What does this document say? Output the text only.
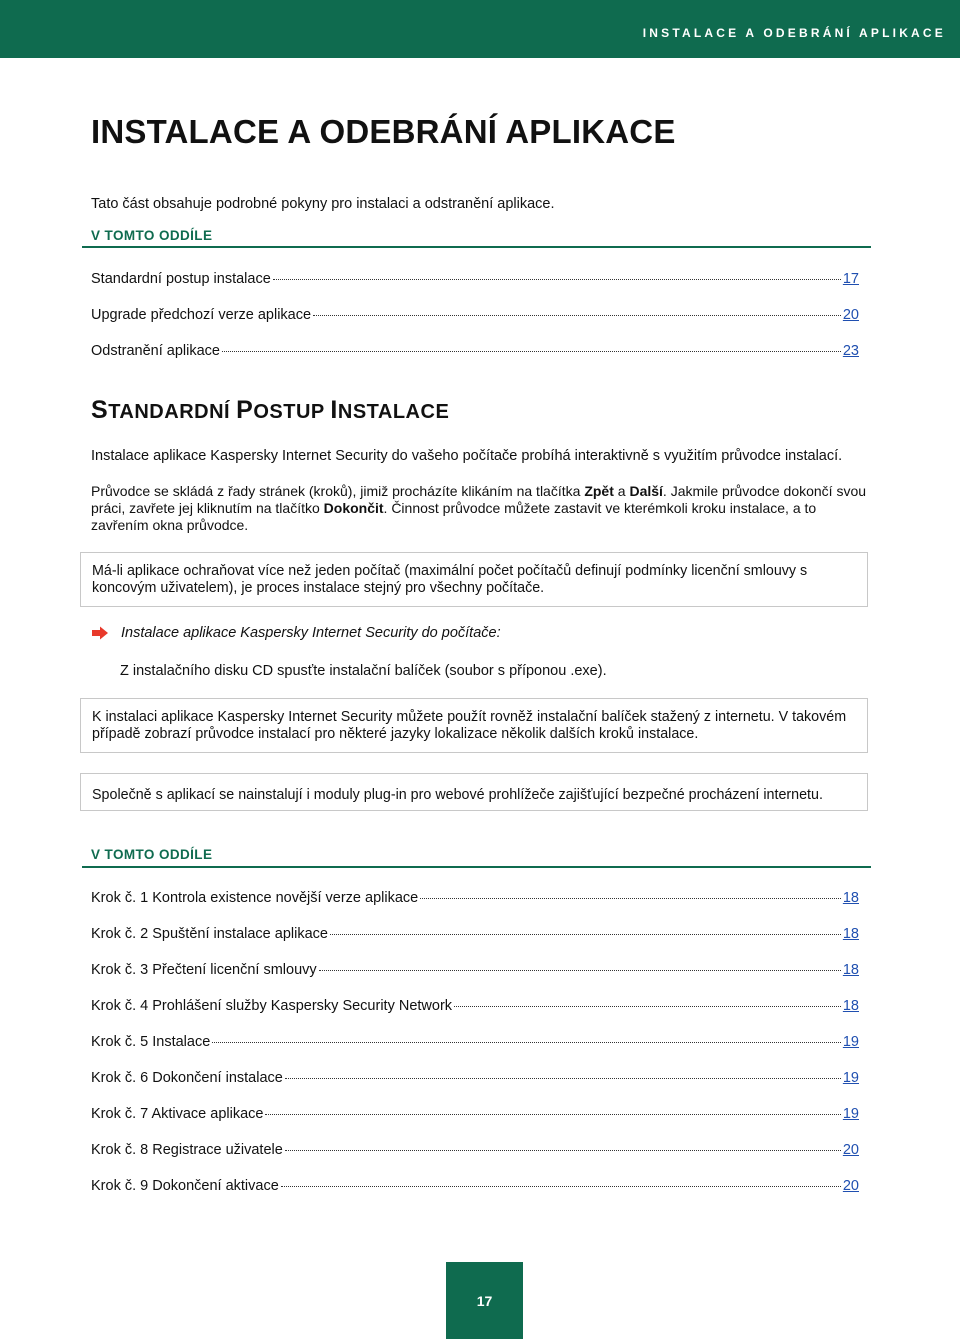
INSTALACE A ODEBRÁNÍ APLIKACE
INSTALACE A ODEBRÁNÍ APLIKACE
Tato část obsahuje podrobné pokyny pro instalaci a odstranění aplikace.
V TOMTO ODDÍLE
Standardní postup instalace	17
Upgrade předchozí verze aplikace	20
Odstranění aplikace	23
STANDARDNÍ POSTUP INSTALACE
Instalace aplikace Kaspersky Internet Security do vašeho počítače probíhá interaktivně s využitím průvodce instalací.
Průvodce se skládá z řady stránek (kroků), jimiž procházíte klikáním na tlačítka Zpět a Další. Jakmile průvodce dokončí svou práci, zavřete jej kliknutím na tlačítko Dokončit. Činnost průvodce můžete zastavit ve kterémkoli kroku instalace, a to zavřením okna průvodce.
Má-li aplikace ochraňovat více než jeden počítač (maximální počet počítačů definují podmínky licenční smlouvy s koncovým uživatelem), je proces instalace stejný pro všechny počítače.
Instalace aplikace Kaspersky Internet Security do počítače:
Z instalačního disku CD spusťte instalační balíček (soubor s příponou .exe).
K instalaci aplikace Kaspersky Internet Security můžete použít rovněž instalační balíček stažený z internetu. V takovém případě zobrazí průvodce instalací pro některé jazyky lokalizace několik dalších kroků instalace.
Společně s aplikací se nainstalují i moduly plug-in pro webové prohlížeče zajišťující bezpečné procházení internetu.
V TOMTO ODDÍLE
Krok č. 1 Kontrola existence novější verze aplikace	18
Krok č. 2 Spuštění instalace aplikace	18
Krok č. 3 Přečtení licenční smlouvy	18
Krok č. 4 Prohlášení služby Kaspersky Security Network	18
Krok č. 5 Instalace	19
Krok č. 6 Dokončení instalace	19
Krok č. 7 Aktivace aplikace	19
Krok č. 8 Registrace uživatele	20
Krok č. 9 Dokončení aktivace	20
17
